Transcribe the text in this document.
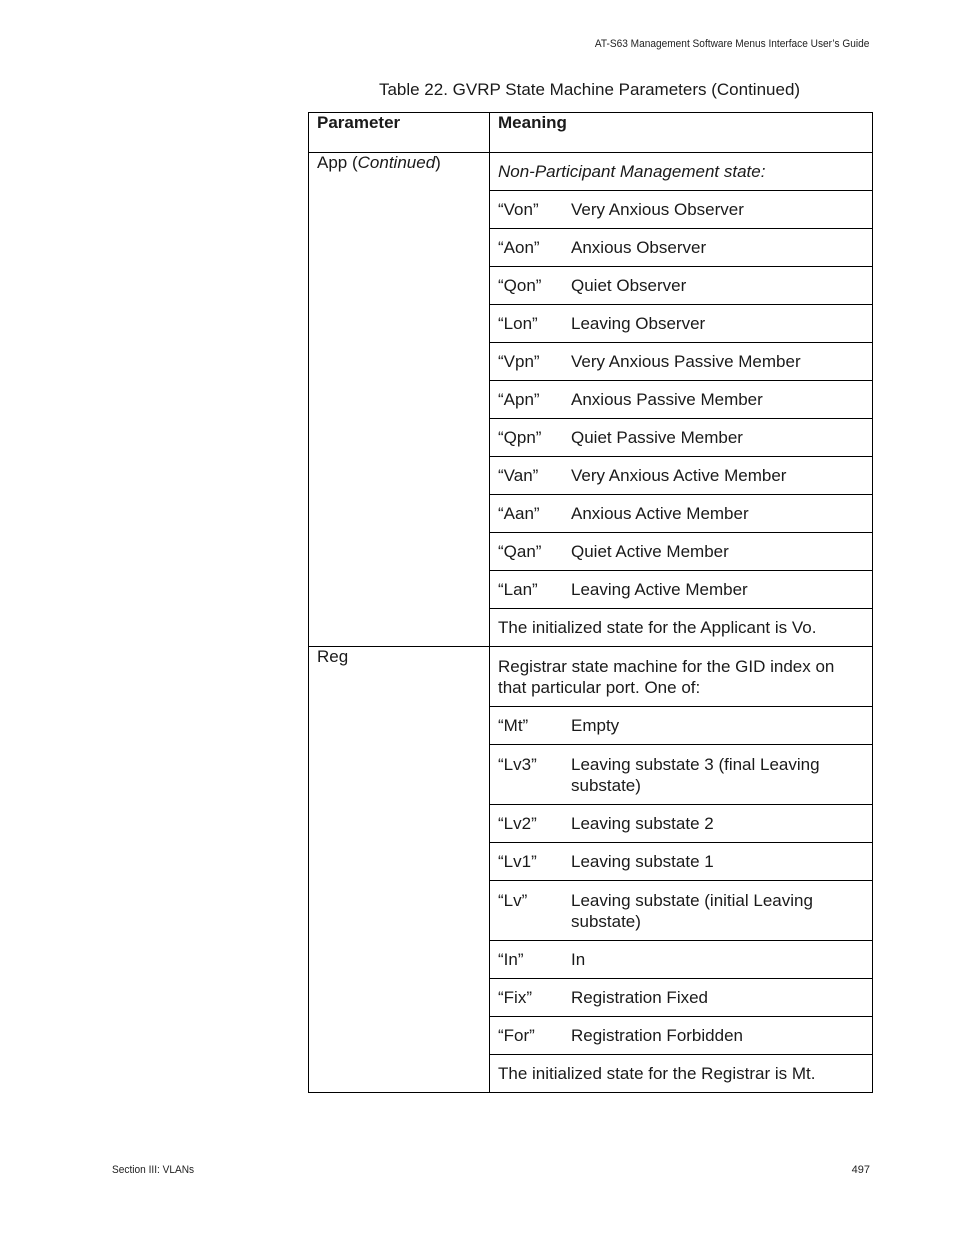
AT-S63 Management Software Menus Interface User’s Guide
Table 22. GVRP State Machine Parameters (Continued)
Parameter	Meaning
App (Continued)	Non-Participant Management state:

	“Von” Very Anxious Observer

	“Aon” Anxious Observer

	“Qon” Quiet Observer

	“Lon” Leaving Observer

	“Vpn” Very Anxious Passive Member

	“Apn” Anxious Passive Member

	“Qpn” Quiet Passive Member

	“Van” Very Anxious Active Member

	“Aan” Anxious Active Member

	“Qan” Quiet Active Member

	“Lan” Leaving Active Member

	The initialized state for the Applicant is Vo.
Reg	Registrar state machine for the GID index on that particular port. One of:

	“Mt” Empty

	“Lv3” Leaving substate 3 (final Leaving substate)

	“Lv2” Leaving substate 2

	“Lv1” Leaving substate 1

	“Lv” Leaving substate (initial Leaving substate)

	“In” In

	“Fix” Registration Fixed

	“For” Registration Forbidden

	The initialized state for the Registrar is Mt.
Section III: VLANs	497
